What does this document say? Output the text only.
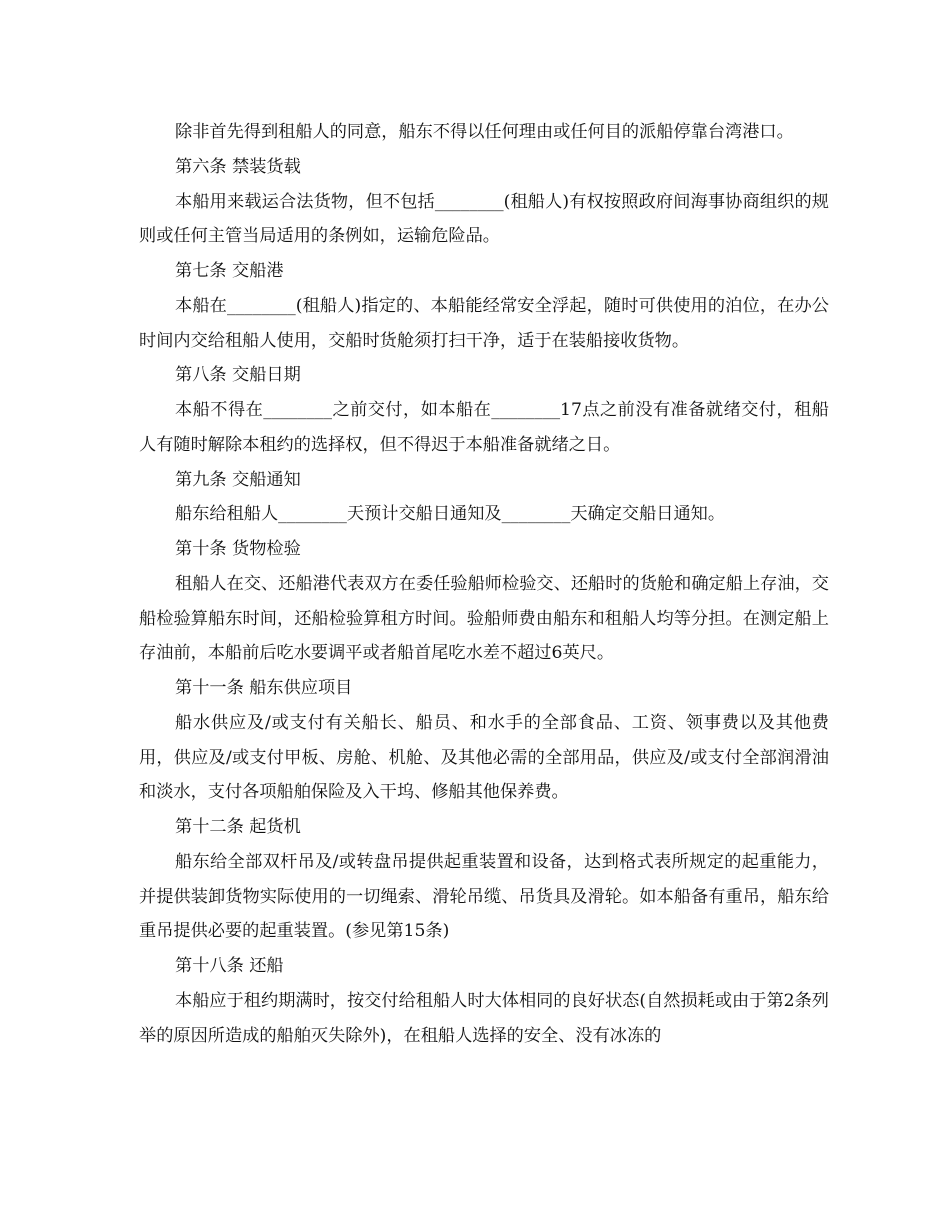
除非首先得到租船人的同意，船东不得以任何理由或任何目的派船停靠台湾港口。

第六条 禁装货载

本船用来载运合法货物，但不包括________(租船人)有权按照政府间海事协商组织的规则或任何主管当局适用的条例如，运输危险品。

第七条 交船港

本船在________(租船人)指定的、本船能经常安全浮起，随时可供使用的泊位，在办公时间内交给租船人使用，交船时货舱须打扫干净，适于在装船接收货物。

第八条 交船日期

本船不得在________之前交付，如本船在________17点之前没有准备就绪交付，租船人有随时解除本租约的选择权，但不得迟于本船准备就绪之日。

第九条 交船通知

船东给租船人________天预计交船日通知及________天确定交船日通知。

第十条 货物检验

租船人在交、还船港代表双方在委任验船师检验交、还船时的货舱和确定船上存油，交船检验算船东时间，还船检验算租方时间。验船师费由船东和租船人均等分担。在测定船上存油前，本船前后吃水要调平或者船首尾吃水差不超过6英尺。

第十一条 船东供应项目

船水供应及/或支付有关船长、船员、和水手的全部食品、工资、领事费以及其他费用，供应及/或支付甲板、房舱、机舱、及其他必需的全部用品，供应及/或支付全部润滑油和淡水，支付各项船舶保险及入干坞、修船其他保养费。

第十二条 起货机

船东给全部双杆吊及/或转盘吊提供起重装置和设备，达到格式表所规定的起重能力，并提供装卸货物实际使用的一切绳索、滑轮吊缆、吊货具及滑轮。如本船备有重吊，船东给重吊提供必要的起重装置。(参见第15条)

第十八条 还船

本船应于租约期满时，按交付给租船人时大体相同的良好状态(自然损耗或由于第2条列举的原因所造成的船舶灭失除外)，在租船人选择的安全、没有冰冻的
